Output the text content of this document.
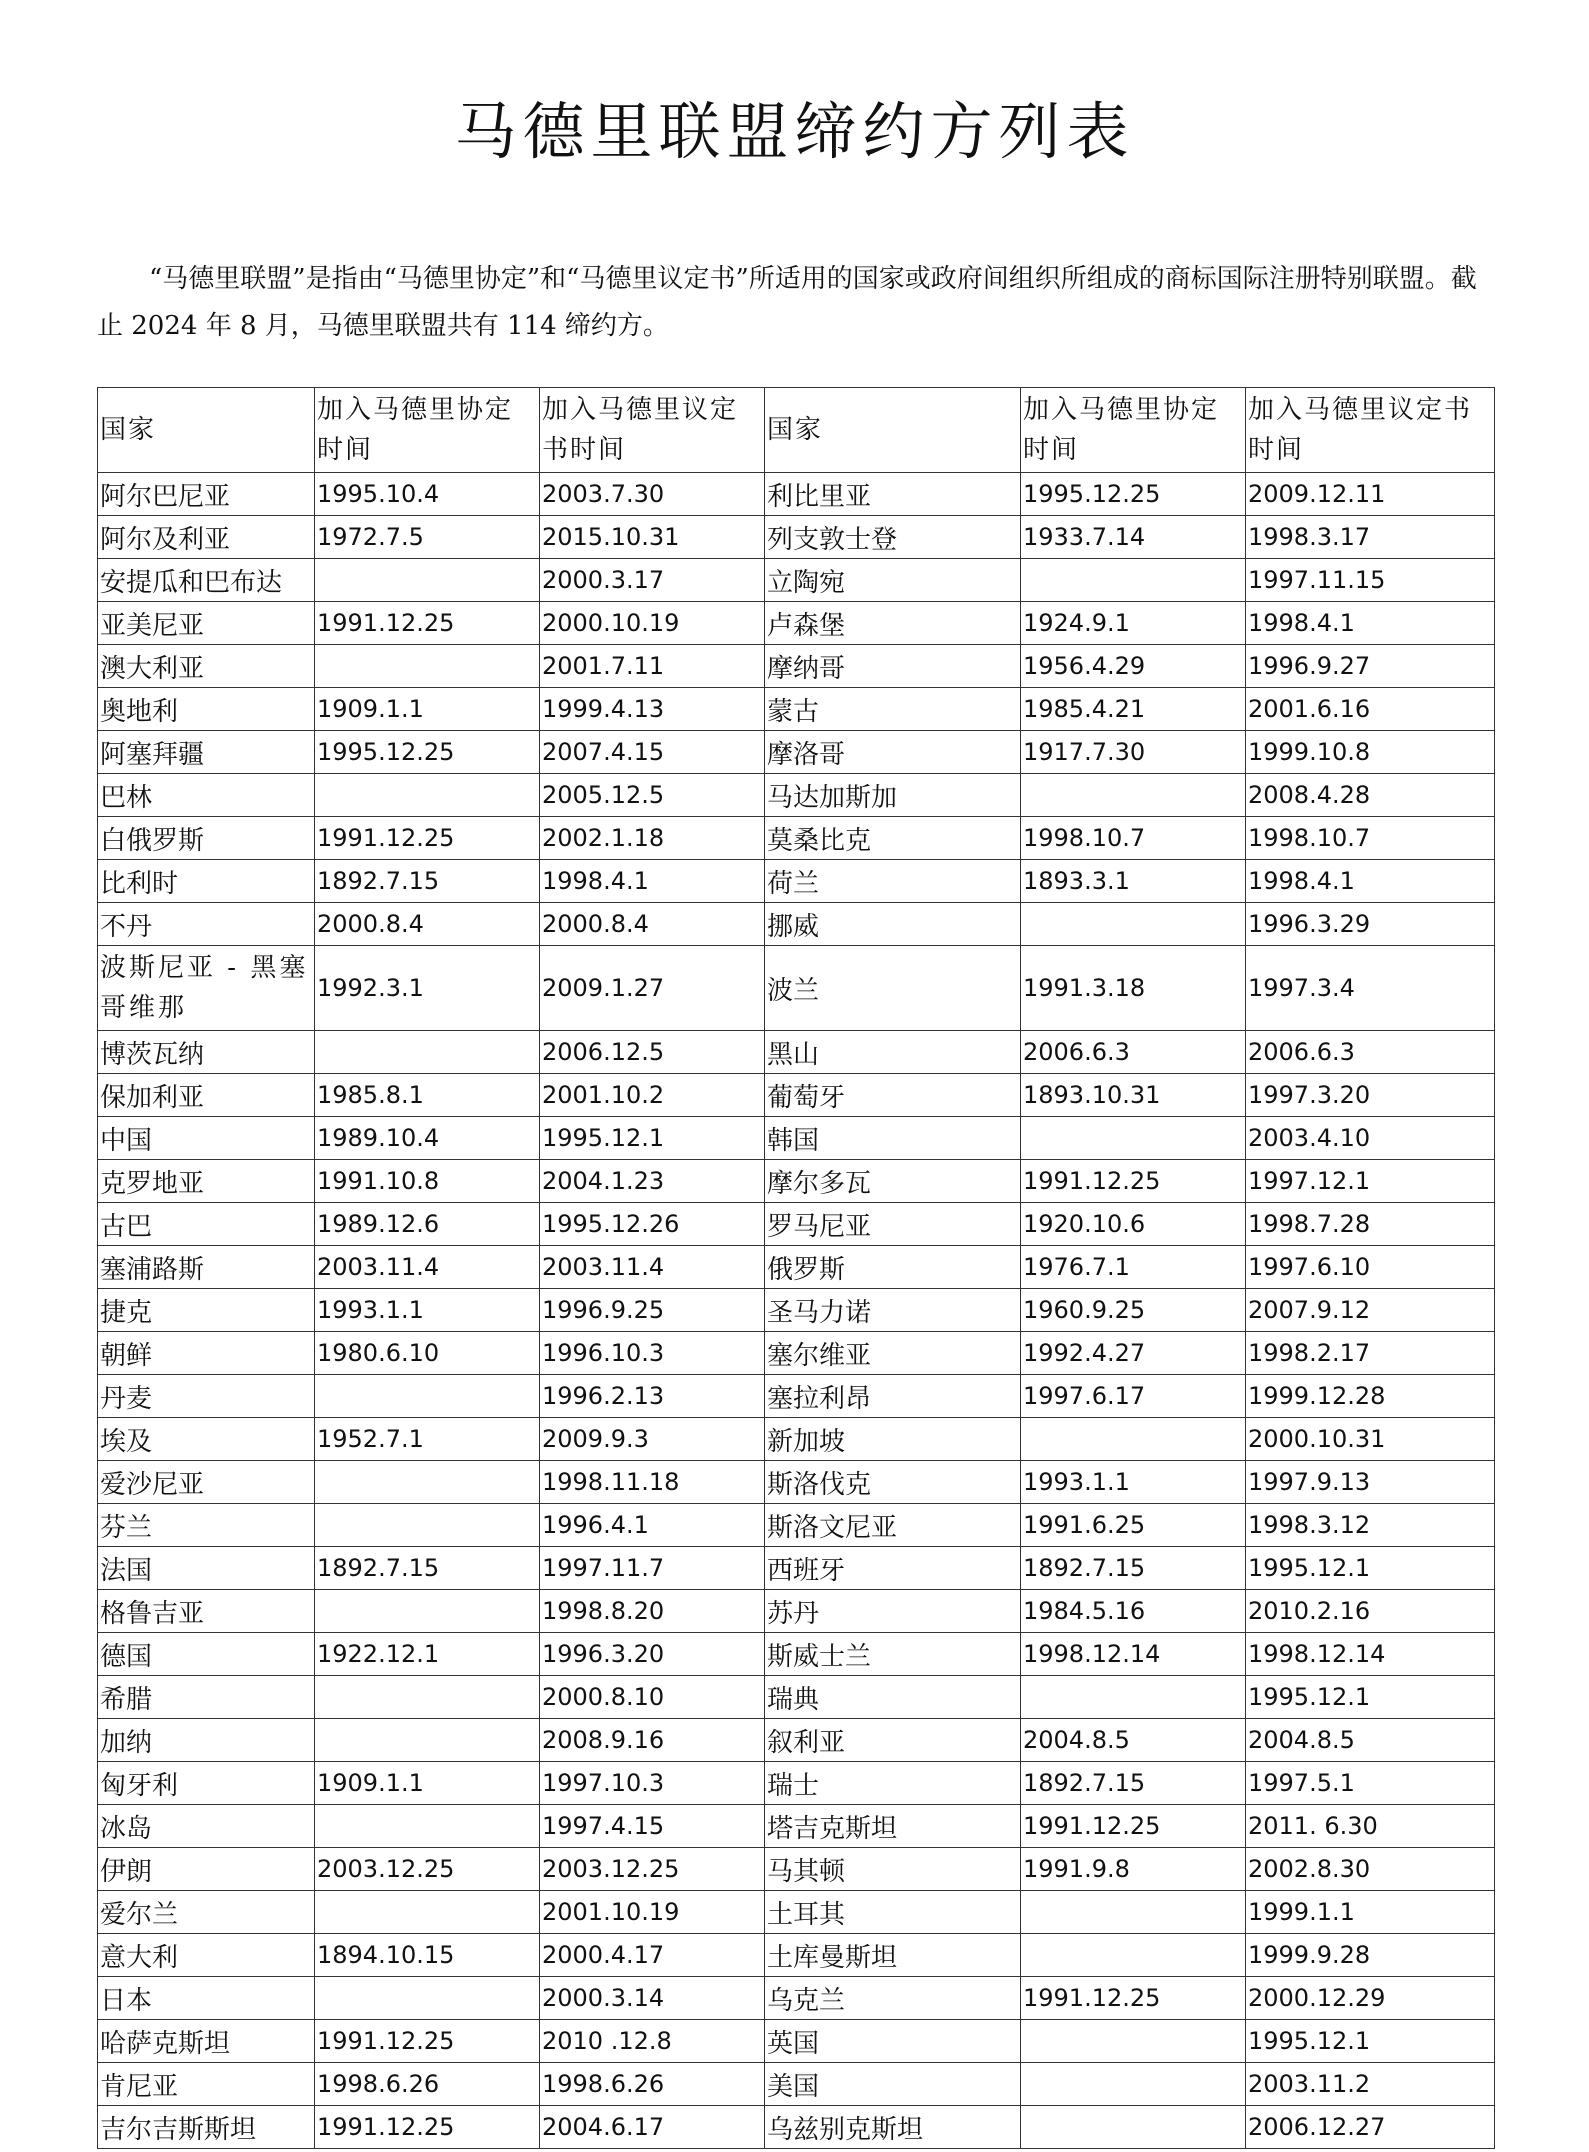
马德里联盟缔约方列表

“马德里联盟”是指由“马德里协定”和“马德里议定书”所适用的国家或政府间组织所组成的商标国际注册特别联盟。截止 2024 年 8 月，马德里联盟共有 114 缔约方。

国家	加入马德里协定时间	加入马德里议定书时间	国家	加入马德里协定时间	加入马德里议定书时间
阿尔巴尼亚	1995.10.4	2003.7.30	利比里亚	1995.12.25	2009.12.11
阿尔及利亚	1972.7.5	2015.10.31	列支敦士登	1933.7.14	1998.3.17
安提瓜和巴布达		2000.3.17	立陶宛		1997.11.15
亚美尼亚	1991.12.25	2000.10.19	卢森堡	1924.9.1	1998.4.1
澳大利亚		2001.7.11	摩纳哥	1956.4.29	1996.9.27
奥地利	1909.1.1	1999.4.13	蒙古	1985.4.21	2001.6.16
阿塞拜疆	1995.12.25	2007.4.15	摩洛哥	1917.7.30	1999.10.8
巴林		2005.12.5	马达加斯加		2008.4.28
白俄罗斯	1991.12.25	2002.1.18	莫桑比克	1998.10.7	1998.10.7
比利时	1892.7.15	1998.4.1	荷兰	1893.3.1	1998.4.1
不丹	2000.8.4	2000.8.4	挪威		1996.3.29
波斯尼亚 - 黑塞哥维那	1992.3.1	2009.1.27	波兰	1991.3.18	1997.3.4
博茨瓦纳		2006.12.5	黑山	2006.6.3	2006.6.3
保加利亚	1985.8.1	2001.10.2	葡萄牙	1893.10.31	1997.3.20
中国	1989.10.4	1995.12.1	韩国		2003.4.10
克罗地亚	1991.10.8	2004.1.23	摩尔多瓦	1991.12.25	1997.12.1
古巴	1989.12.6	1995.12.26	罗马尼亚	1920.10.6	1998.7.28
塞浦路斯	2003.11.4	2003.11.4	俄罗斯	1976.7.1	1997.6.10
捷克	1993.1.1	1996.9.25	圣马力诺	1960.9.25	2007.9.12
朝鲜	1980.6.10	1996.10.3	塞尔维亚	1992.4.27	1998.2.17
丹麦		1996.2.13	塞拉利昂	1997.6.17	1999.12.28
埃及	1952.7.1	2009.9.3	新加坡		2000.10.31
爱沙尼亚		1998.11.18	斯洛伐克	1993.1.1	1997.9.13
芬兰		1996.4.1	斯洛文尼亚	1991.6.25	1998.3.12
法国	1892.7.15	1997.11.7	西班牙	1892.7.15	1995.12.1
格鲁吉亚		1998.8.20	苏丹	1984.5.16	2010.2.16
德国	1922.12.1	1996.3.20	斯威士兰	1998.12.14	1998.12.14
希腊		2000.8.10	瑞典		1995.12.1
加纳		2008.9.16	叙利亚	2004.8.5	2004.8.5
匈牙利	1909.1.1	1997.10.3	瑞士	1892.7.15	1997.5.1
冰岛		1997.4.15	塔吉克斯坦	1991.12.25	2011. 6.30
伊朗	2003.12.25	2003.12.25	马其顿	1991.9.8	2002.8.30
爱尔兰		2001.10.19	土耳其		1999.1.1
意大利	1894.10.15	2000.4.17	土库曼斯坦		1999.9.28
日本		2000.3.14	乌克兰	1991.12.25	2000.12.29
哈萨克斯坦	1991.12.25	2010 .12.8	英国		1995.12.1
肯尼亚	1998.6.26	1998.6.26	美国		2003.11.2
吉尔吉斯斯坦	1991.12.25	2004.6.17	乌兹别克斯坦		2006.12.27
